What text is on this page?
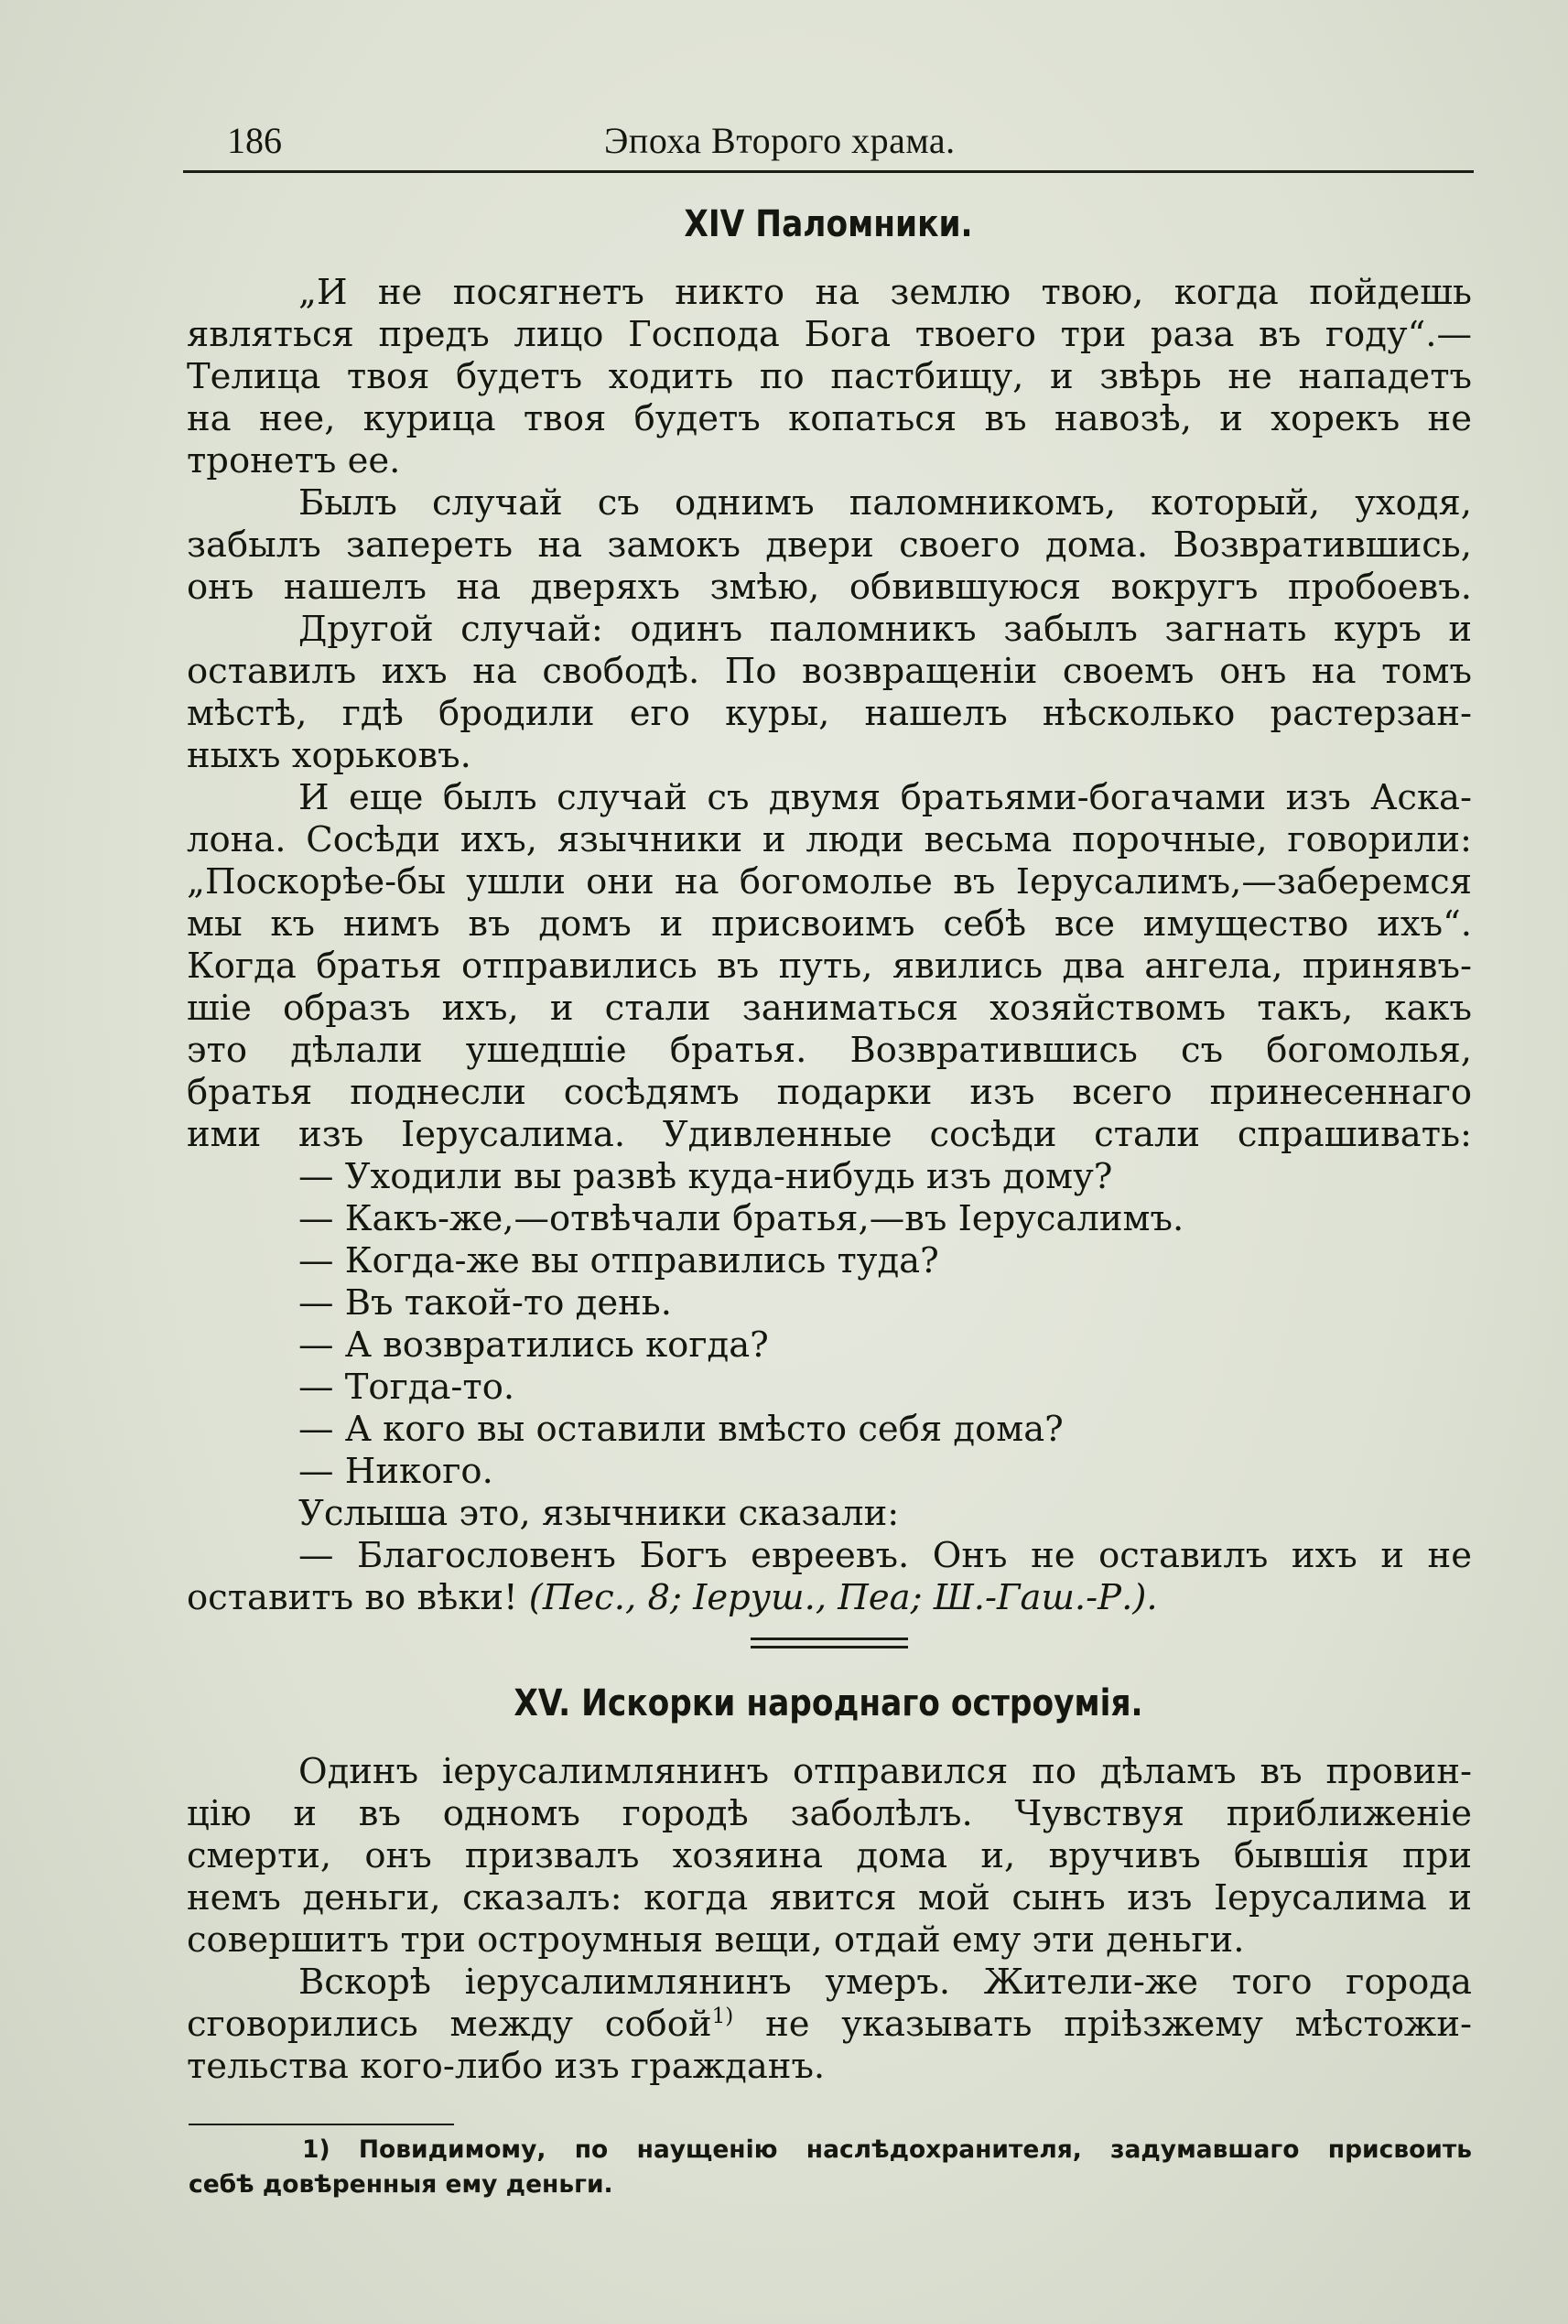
186	Эпоха Второго храма.
XIV Паломники.
„И не посягнетъ никто на землю твою, когда пойдешь
являться предъ лицо Господа Бога твоего три раза въ году“.—
Телица твоя будетъ ходить по пастбищу, и звѣрь не нападетъ
на нее, курица твоя будетъ копаться въ навозѣ, и хорекъ не
тронетъ ее.
Былъ случай съ однимъ паломникомъ, который, уходя,
забылъ запереть на замокъ двери своего дома. Возвратившись,
онъ нашелъ на дверяхъ змѣю, обвившуюся вокругъ пробоевъ.
Другой случай: одинъ паломникъ забылъ загнать куръ и
оставилъ ихъ на свободѣ. По возвращеніи своемъ онъ на томъ
мѣстѣ, гдѣ бродили его куры, нашелъ нѣсколько растерзан-
ныхъ хорьковъ.
И еще былъ случай съ двумя братьями-богачами изъ Аска-
лона. Сосѣди ихъ, язычники и люди весьма порочные, говорили:
„Поскорѣе-бы ушли они на богомолье въ Іерусалимъ,—заберемся
мы къ нимъ въ домъ и присвоимъ себѣ все имущество ихъ“.
Когда братья отправились въ путь, явились два ангела, принявъ-
шіе образъ ихъ, и стали заниматься хозяйствомъ такъ, какъ
это дѣлали ушедшіе братья. Возвратившись съ богомолья,
братья поднесли сосѣдямъ подарки изъ всего принесеннаго
ими изъ Іерусалима. Удивленные сосѣди стали спрашивать:
— Уходили вы развѣ куда-нибудь изъ дому?
— Какъ-же,—отвѣчали братья,—въ Іерусалимъ.
— Когда-же вы отправились туда?
— Въ такой-то день.
— А возвратились когда?
— Тогда-то.
— А кого вы оставили вмѣсто себя дома?
— Никого.
Услыша это, язычники сказали:
— Благословенъ Богъ евреевъ. Онъ не оставилъ ихъ и не
оставитъ во вѣки! (Пес., 8; Іеруш., Пеа; Ш.-Гаш.-Р.).
XV. Искорки народнаго остроумія.
Одинъ іерусалимлянинъ отправился по дѣламъ въ провин-
цію и въ одномъ городѣ заболѣлъ. Чувствуя приближеніе
смерти, онъ призвалъ хозяина дома и, вручивъ бывшія при
немъ деньги, сказалъ: когда явится мой сынъ изъ Іерусалима и
совершитъ три остроумныя вещи, отдай ему эти деньги.
Вскорѣ іерусалимлянинъ умеръ. Жители-же того города
сговорились между собой$^{1)}$ не указывать пріѣзжему мѣстожи-
тельства кого-либо изъ гражданъ.
1) Повидимому, по наущенію наслѣдохранителя, задумавшаго присвоить
себѣ довѣренныя ему деньги.
